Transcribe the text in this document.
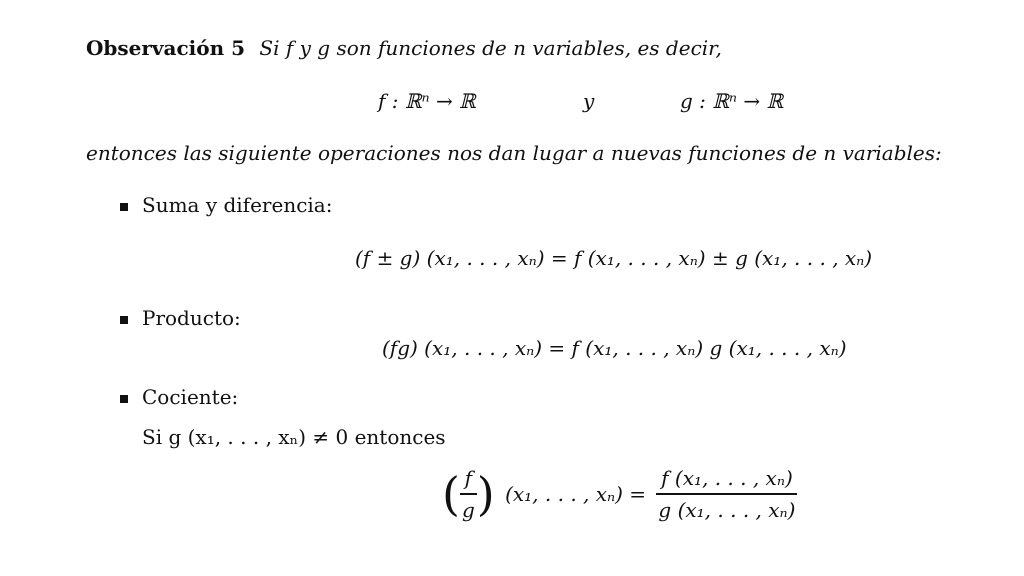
Observación 5 Si f y g son funciones de n variables, es decir,
f : ℝⁿ → ℝ	y	g : ℝⁿ → ℝ
entonces las siguiente operaciones nos dan lugar a nuevas funciones de n variables:
Suma y diferencia:
(f ± g) (x₁, . . . , xₙ) = f (x₁, . . . , xₙ) ± g (x₁, . . . , xₙ)
Producto:
(fg) (x₁, . . . , xₙ) = f (x₁, . . . , xₙ) g (x₁, . . . , xₙ)
Cociente:
Si g (x₁, . . . , xₙ) ≠ 0 entonces
( $\frac{f}{g}$ ) (x₁, . . . , $x_n) = \frac{\text{f (x₁, . . . , xₙ)}}{\text{g (x₁, . . . , xₙ)}}$
